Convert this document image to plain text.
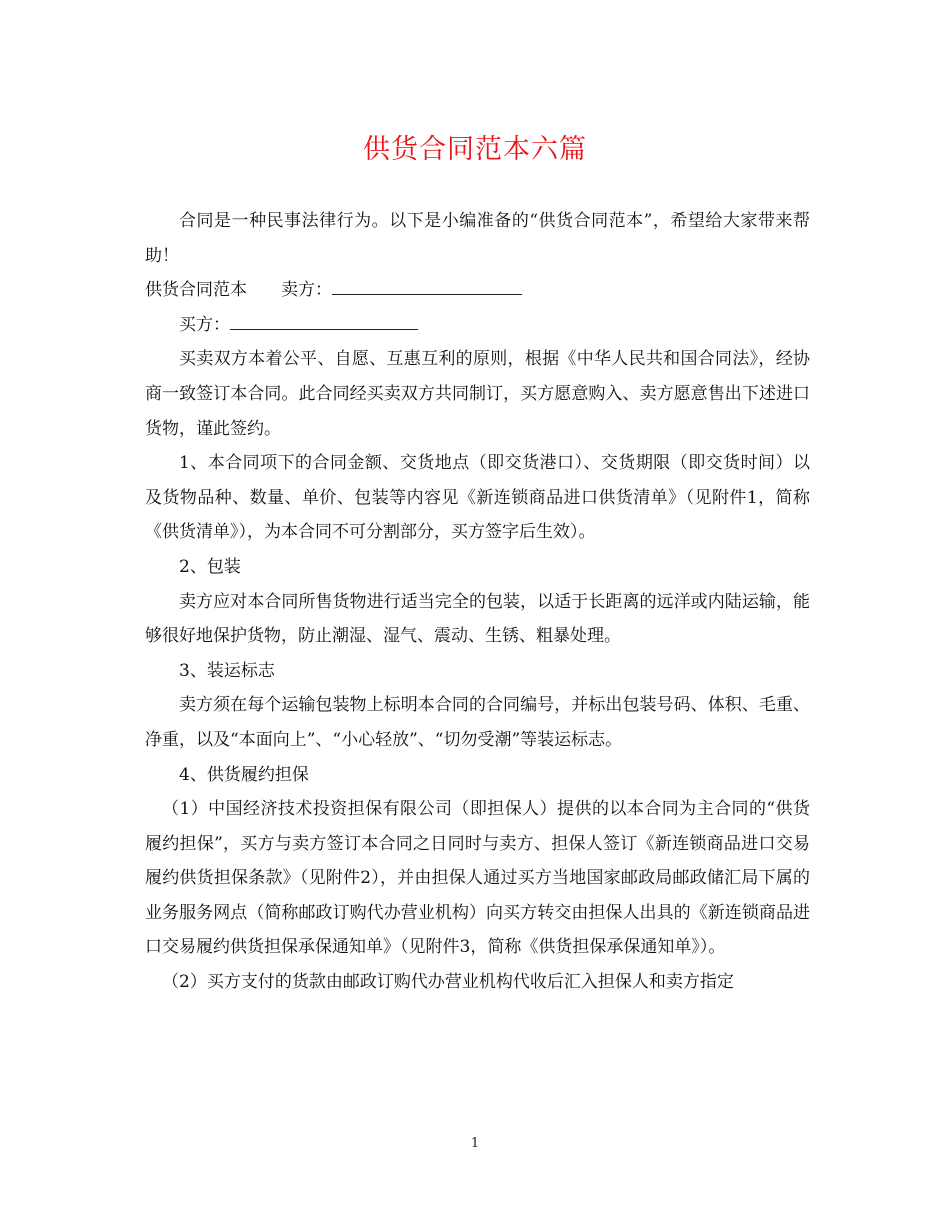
供货合同范本六篇

合同是一种民事法律行为。以下是小编准备的“供货合同范本”，希望给大家带来帮助！

供货合同范本 卖方：

买方：

买卖双方本着公平、自愿、互惠互利的原则，根据《中华人民共和国合同法》，经协商一致签订本合同。此合同经买卖双方共同制订，买方愿意购入、卖方愿意售出下述进口货物，谨此签约。

1、本合同项下的合同金额、交货地点（即交货港口）、交货期限（即交货时间）以及货物品种、数量、单价、包装等内容见《新连锁商品进口供货清单》（见附件1，简称《供货清单》），为本合同不可分割部分，买方签字后生效）。

2、包装

卖方应对本合同所售货物进行适当完全的包装，以适于长距离的远洋或内陆运输，能够很好地保护货物，防止潮湿、湿气、震动、生锈、粗暴处理。

3、装运标志

卖方须在每个运输包装物上标明本合同的合同编号，并标出包装号码、体积、毛重、净重，以及“本面向上”、“小心轻放”、“切勿受潮”等装运标志。

4、供货履约担保

（1）中国经济技术投资担保有限公司（即担保人）提供的以本合同为主合同的“供货履约担保”，买方与卖方签订本合同之日同时与卖方、担保人签订《新连锁商品进口交易履约供货担保条款》（见附件2），并由担保人通过买方当地国家邮政局邮政储汇局下属的业务服务网点（简称邮政订购代办营业机构）向买方转交由担保人出具的《新连锁商品进口交易履约供货担保承保通知单》（见附件3，简称《供货担保承保通知单》）。

（2）买方支付的货款由邮政订购代办营业机构代收后汇入担保人和卖方指定

1
